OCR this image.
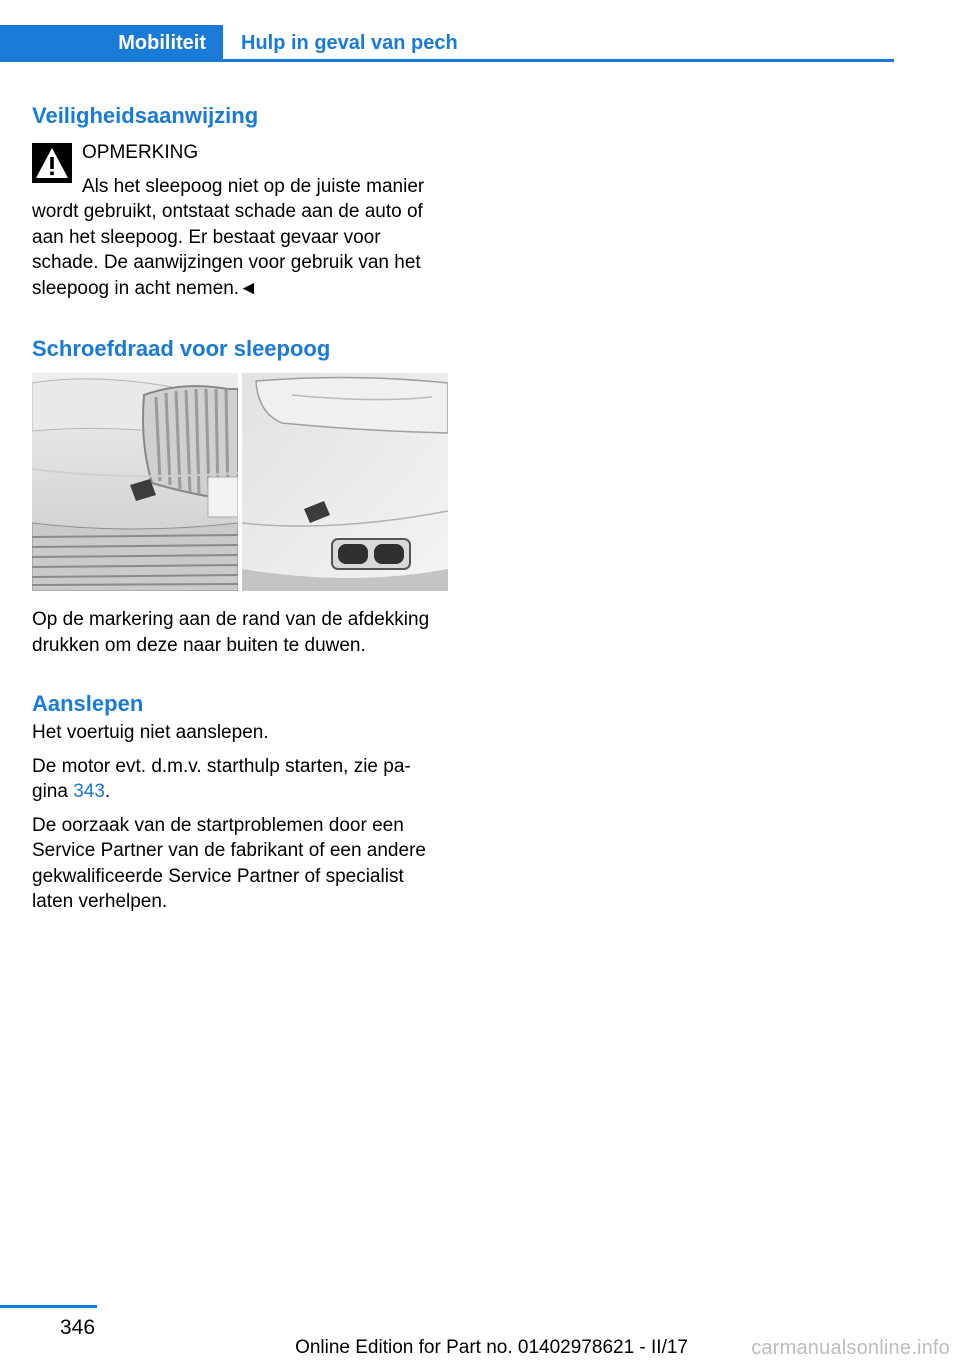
Mobiliteit	Hulp in geval van pech
Veiligheidsaanwijzing

OPMERKING

Als het sleepoog niet op de juiste manier

wordt gebruikt, ontstaat schade aan de auto of aan het sleepoog. Er bestaat gevaar voor schade. De aanwijzingen voor gebruik van het sleepoog in acht nemen.◄

Schroefdraad voor sleepoog

Op de markering aan de rand van de afdekking drukken om deze naar buiten te duwen.

Aanslepen

Het voertuig niet aanslepen.

De motor evt. d.m.v. starthulp starten, zie pa‐
gina 343.

De oorzaak van de startproblemen door een Service Partner van de fabrikant of een andere gekwalificeerde Service Partner of specialist laten verhelpen.

346
Online Edition for Part no. 01402978621 - II/17	carmanualsonline.info
